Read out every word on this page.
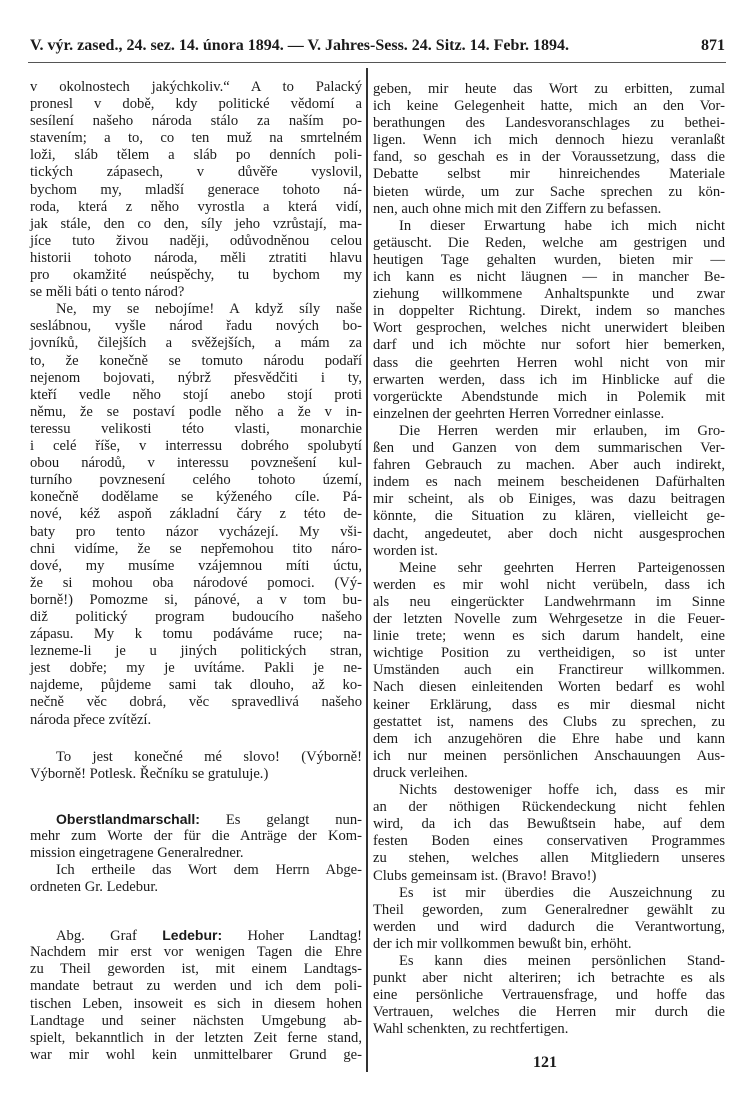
V. výr. zased., 24. sez. 14. února 1894. — V. Jahres-Sess. 24. Sitz. 14. Febr. 1894.	871
v okolnostech jakýchkoliv.“ A to Palacký
pronesl v době, kdy politické vědomí a
sesílení našeho národa stálo za naším po-
stavením; a to, co ten muž na smrtelném
loži, sláb tělem a sláb po denních poli-
tických zápasech, v důvěře vyslovil,
bychom my, mladší generace tohoto ná-
roda, která z něho vyrostla a která vidí,
jak stále, den co den, síly jeho vzrůstají, ma-
jíce tuto živou naději, odůvodněnou celou
historii tohoto národa, měli ztratiti hlavu
pro okamžité neúspěchy, tu bychom my
se měli báti o tento národ?
Ne, my se nebojíme! A když síly naše
seslábnou, vyšle národ řadu nových bo-
jovníků, čilejších a svěžejších, a mám za
to, že konečně se tomuto národu podaří
nejenom bojovati, nýbrž přesvědčiti i ty,
kteří vedle něho stojí anebo stojí proti
němu, že se postaví podle něho a že v in-
teressu velikosti této vlasti, monarchie
i celé říše, v interressu dobrého spolubytí
obou národů, v interessu povznešení kul-
turního povznesení celého tohoto území,
konečně dodělame se kýženého cíle. Pá-
nové, kéž aspoň základní čáry z této de-
baty pro tento názor vycházejí. My vši-
chni vidíme, že se nepřemohou tito náro-
dové, my musíme vzájemnou míti úctu,
že si mohou oba národové pomoci. (Vý-
borně!) Pomozme si, pánové, a v tom bu-
diž politický program budoucího našeho
zápasu. My k tomu podáváme ruce; na-
lezneme-li je u jiných politických stran,
jest dobře; my je uvítáme. Pakli je ne-
najdeme, půjdeme sami tak dlouho, až ko-
nečně věc dobrá, věc spravedlivá našeho
národa přece zvítězí.
To jest konečné mé slovo! (Výborně!
Výborně! Potlesk. Řečníku se gratuluje.)
Oberstlandmarschall: Es gelangt nun-
mehr zum Worte der für die Anträge der Kom-
mission eingetragene Generalredner.
Ich ertheile das Wort dem Herrn Abge-
ordneten Gr. Ledebur.
Abg. Graf Ledebur: Hoher Landtag!
Nachdem mir erst vor wenigen Tagen die Ehre
zu Theil geworden ist, mit einem Landtags-
mandate betraut zu werden und ich dem poli-
tischen Leben, insoweit es sich in diesem hohen
Landtage und seiner nächsten Umgebung ab-
spielt, bekanntlich in der letzten Zeit ferne stand,
war mir wohl kein unmittelbarer Grund ge-
geben, mir heute das Wort zu erbitten, zumal
ich keine Gelegenheit hatte, mich an den Vor-
berathungen des Landesvoranschlages zu bethei-
ligen. Wenn ich mich dennoch hiezu veranlaßt
fand, so geschah es in der Voraussetzung, dass die
Debatte selbst mir hinreichendes Materiale
bieten würde, um zur Sache sprechen zu kön-
nen, auch ohne mich mit den Ziffern zu befassen.
In dieser Erwartung habe ich mich nicht
getäuscht. Die Reden, welche am gestrigen und
heutigen Tage gehalten wurden, bieten mir —
ich kann es nicht läugnen — in mancher Be-
ziehung willkommene Anhaltspunkte und zwar
in doppelter Richtung. Direkt, indem so manches
Wort gesprochen, welches nicht unerwidert bleiben
darf und ich möchte nur sofort hier bemerken,
dass die geehrten Herren wohl nicht von mir
erwarten werden, dass ich im Hinblicke auf die
vorgerückte Abendstunde mich in Polemik mit
einzelnen der geehrten Herren Vorredner einlasse.
Die Herren werden mir erlauben, im Gro-
ßen und Ganzen von dem summarischen Ver-
fahren Gebrauch zu machen. Aber auch indirekt,
indem es nach meinem bescheidenen Dafürhalten
mir scheint, als ob Einiges, was dazu beitragen
könnte, die Situation zu klären, vielleicht ge-
dacht, angedeutet, aber doch nicht ausgesprochen
worden ist.
Meine sehr geehrten Herren Parteigenossen
werden es mir wohl nicht verübeln, dass ich
als neu eingerückter Landwehrmann im Sinne
der letzten Novelle zum Wehrgesetze in die Feuer-
linie trete; wenn es sich darum handelt, eine
wichtige Position zu vertheidigen, so ist unter
Umständen auch ein Franctireur willkommen.
Nach diesen einleitenden Worten bedarf es wohl
keiner Erklärung, dass es mir diesmal nicht
gestattet ist, namens des Clubs zu sprechen, zu
dem ich anzugehören die Ehre habe und kann
ich nur meinen persönlichen Anschauungen Aus-
druck verleihen.
Nichts destoweniger hoffe ich, dass es mir
an der nöthigen Rückendeckung nicht fehlen
wird, da ich das Bewußtsein habe, auf dem
festen Boden eines conservativen Programmes
zu stehen, welches allen Mitgliedern unseres
Clubs gemeinsam ist. (Bravo! Bravo!)
Es ist mir überdies die Auszeichnung zu
Theil geworden, zum Generalredner gewählt zu
werden und wird dadurch die Verantwortung,
der ich mir vollkommen bewußt bin, erhöht.
Es kann dies meinen persönlichen Stand-
punkt aber nicht alteriren; ich betrachte es als
eine persönliche Vertrauensfrage, und hoffe das
Vertrauen, welches die Herren mir durch die
Wahl schenkten, zu rechtfertigen.
121
